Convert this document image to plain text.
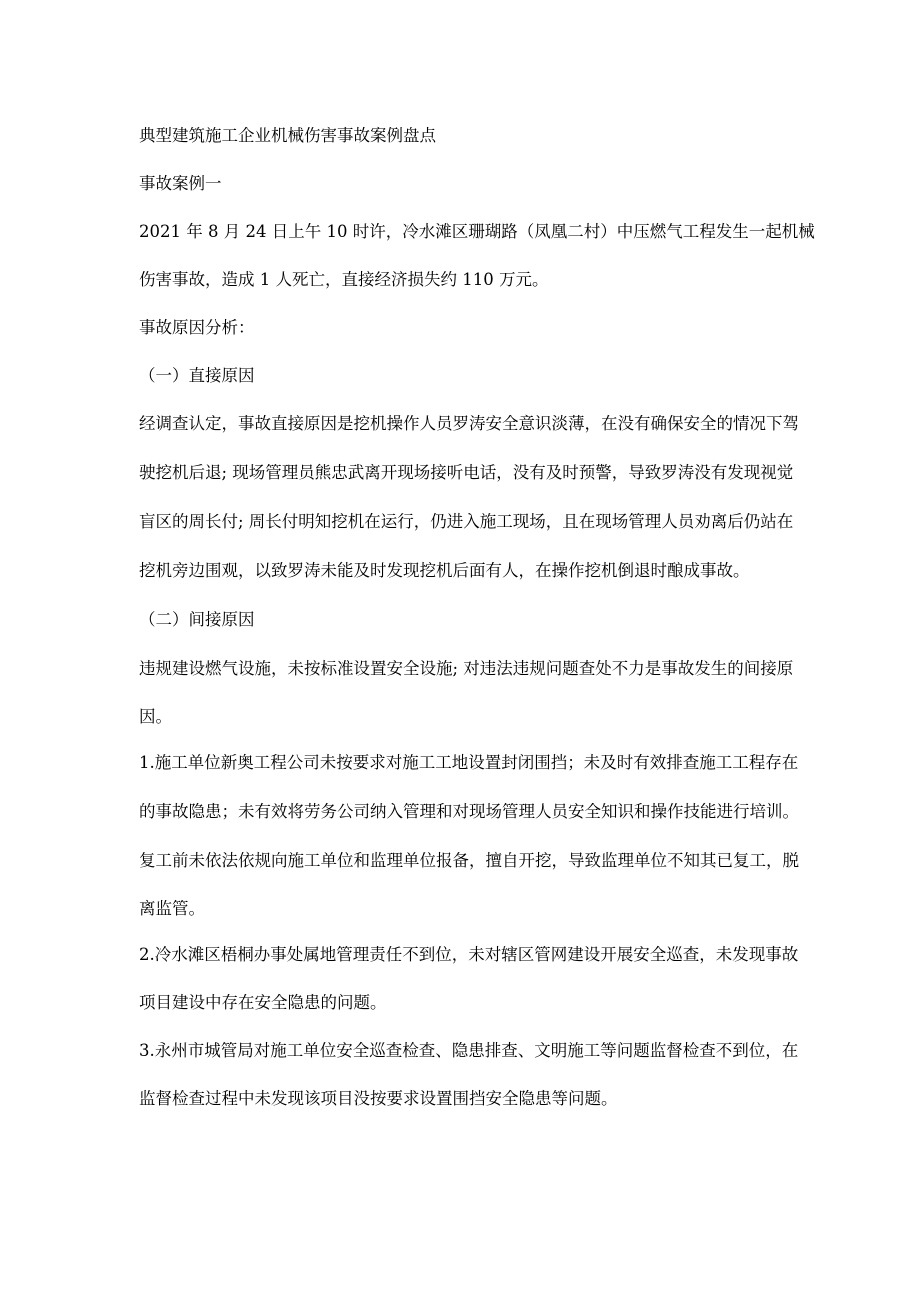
典型建筑施工企业机械伤害事故案例盘点
事故案例一
2021 年 8 月 24 日上午 10 时许，冷水滩区珊瑚路（凤凰二村）中压燃气工程发生一起机械
伤害事故，造成 1 人死亡，直接经济损失约 110 万元。
事故原因分析：
（一）直接原因
经调查认定，事故直接原因是挖机操作人员罗涛安全意识淡薄，在没有确保安全的情况下驾
驶挖机后退; 现场管理员熊忠武离开现场接听电话，没有及时预警，导致罗涛没有发现视觉
盲区的周长付; 周长付明知挖机在运行，仍进入施工现场，且在现场管理人员劝离后仍站在
挖机旁边围观，以致罗涛未能及时发现挖机后面有人，在操作挖机倒退时酿成事故。
（二）间接原因
违规建设燃气设施，未按标准设置安全设施; 对违法违规问题查处不力是事故发生的间接原
因。
1.施工单位新奥工程公司未按要求对施工工地设置封闭围挡；未及时有效排查施工工程存在
的事故隐患；未有效将劳务公司纳入管理和对现场管理人员安全知识和操作技能进行培训。
复工前未依法依规向施工单位和监理单位报备，擅自开挖，导致监理单位不知其已复工，脱
离监管。
2.冷水滩区梧桐办事处属地管理责任不到位，未对辖区管网建设开展安全巡查，未发现事故
项目建设中存在安全隐患的问题。
3.永州市城管局对施工单位安全巡查检查、隐患排查、文明施工等问题监督检查不到位，在
监督检查过程中未发现该项目没按要求设置围挡安全隐患等问题。
